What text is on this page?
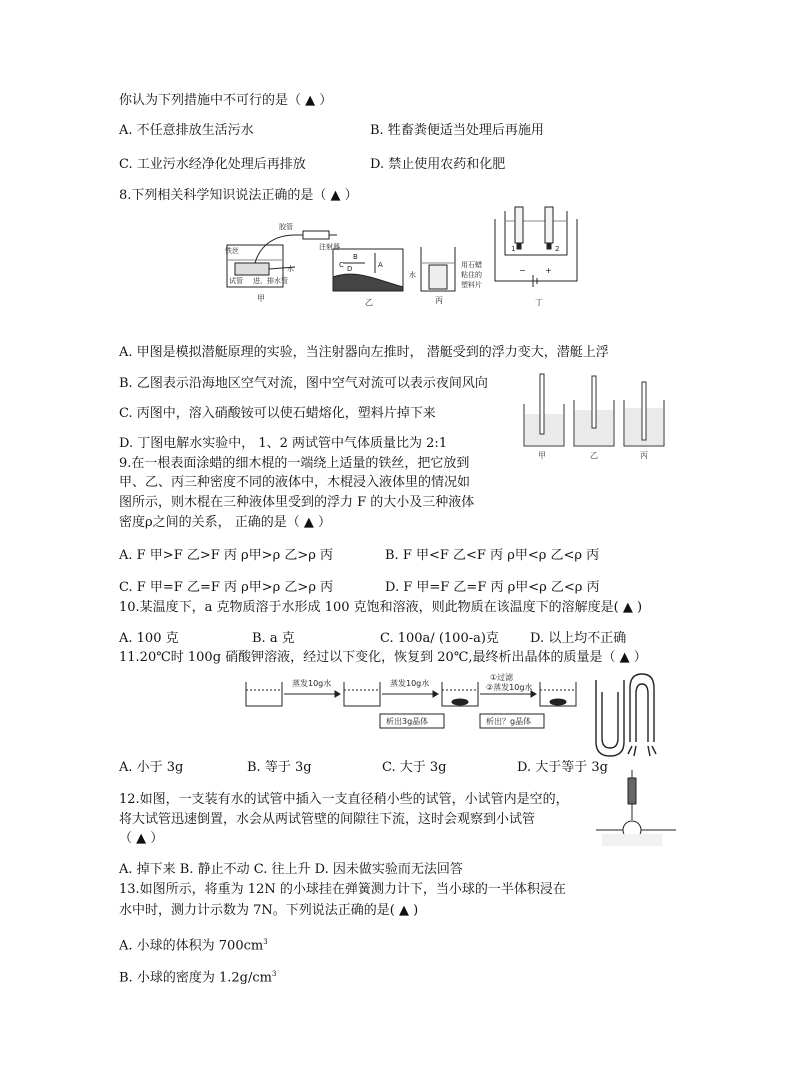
你认为下列措施中不可行的是（ ▲ ）
A. 不任意排放生活污水	B. 牲畜粪便适当处理后再施用
C. 工业污水经净化处理后再排放	D. 禁止使用农药和化肥
8.下列相关科学知识说法正确的是（ ▲ ）
铁丝
胶管
注射器
水
试管 进、排水管
甲
C
B
D	A
乙
水
用石蜡
粘住的
塑料片
丙
1	2
− +
丁
A. 甲图是模拟潜艇原理的实验，当注射器向左推时， 潜艇受到的浮力变大，潜艇上浮
B. 乙图表示沿海地区空气对流，图中空气对流可以表示夜间风向
C. 丙图中，溶入硝酸铵可以使石蜡熔化，塑料片掉下来
D. 丁图电解水实验中， 1、2 两试管中气体质量比为 2:1
甲	乙	丙
9.在一根表面涂蜡的细木棍的一端绕上适量的铁丝，把它放到
甲、乙、丙三种密度不同的液体中，木棍浸入液体里的情况如
图所示，则木棍在三种液体里受到的浮力 F 的大小及三种液体
密度ρ之间的关系， 正确的是（ ▲ ）
A. F 甲>F 乙>F 丙 ρ甲>ρ 乙>ρ 丙	B. F 甲<F 乙<F 丙 ρ甲<ρ 乙<ρ 丙
C. F 甲=F 乙=F 丙 ρ甲>ρ 乙>ρ 丙	D. F 甲=F 乙=F 丙 ρ甲<ρ 乙<ρ 丙
10.某温度下，a 克物质溶于水形成 100 克饱和溶液，则此物质在该温度下的溶解度是( ▲ )
A. 100 克	B. a 克	C. 100a/ (100-a)克 D. 以上均不正确
11.20℃时 100g 硝酸钾溶液，经过以下变化，恢复到 20℃,最终析出晶体的质量是（ ▲ ）
蒸发10g水	蒸发10g水
①过滤
②蒸发10g水
析出3g晶体	析出？g晶体
A. 小于 3g	B. 等于 3g	C. 大于 3g	D. 大于等于 3g
12.如图，一支装有水的试管中插入一支直径稍小些的试管，小试管内是空的，
将大试管迅速倒置，水会从两试管壁的间隙往下流，这时会观察到小试管
（ ▲ ）
A. 掉下来 B. 静止不动 C. 往上升 D. 因未做实验而无法回答
13.如图所示，将重为 12N 的小球挂在弹簧测力计下，当小球的一半体积浸在
水中时，测力计示数为 7N。下列说法正确的是( ▲ )
A. 小球的体积为 $700cm^3$
B. 小球的密度为 $1.2g/cm^3$
